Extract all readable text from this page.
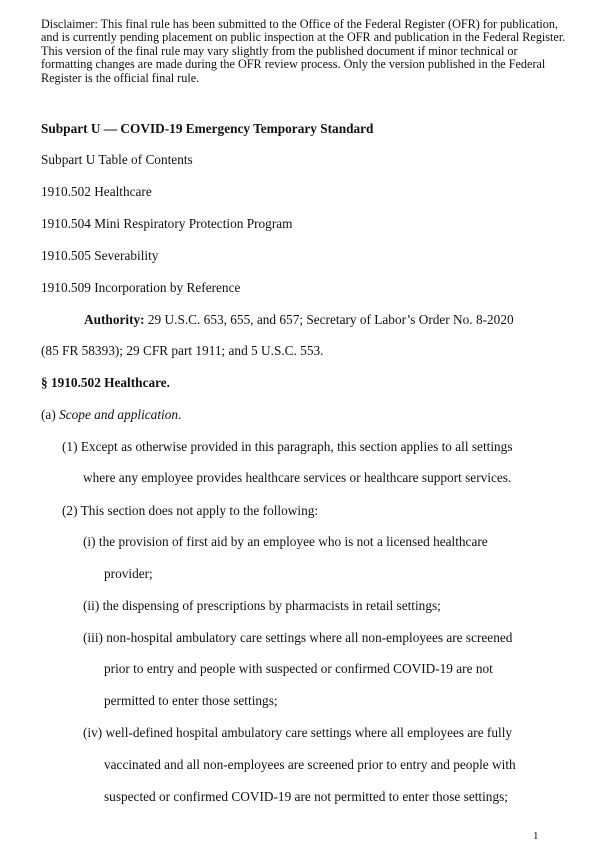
Disclaimer: This final rule has been submitted to the Office of the Federal Register (OFR) for publication, and is currently pending placement on public inspection at the OFR and publication in the Federal Register. This version of the final rule may vary slightly from the published document if minor technical or formatting changes are made during the OFR review process. Only the version published in the Federal Register is the official final rule.

Subpart U — COVID-19 Emergency Temporary Standard
Subpart U Table of Contents
1910.502 Healthcare
1910.504 Mini Respiratory Protection Program
1910.505 Severability
1910.509 Incorporation by Reference
Authority: 29 U.S.C. 653, 655, and 657; Secretary of Labor’s Order No. 8-2020
(85 FR 58393); 29 CFR part 1911; and 5 U.S.C. 553.
§ 1910.502 Healthcare.
(a) Scope and application.
(1) Except as otherwise provided in this paragraph, this section applies to all settings
where any employee provides healthcare services or healthcare support services.
(2) This section does not apply to the following:
(i) the provision of first aid by an employee who is not a licensed healthcare
provider;
(ii) the dispensing of prescriptions by pharmacists in retail settings;
(iii) non-hospital ambulatory care settings where all non-employees are screened
prior to entry and people with suspected or confirmed COVID-19 are not
permitted to enter those settings;
(iv) well-defined hospital ambulatory care settings where all employees are fully
vaccinated and all non-employees are screened prior to entry and people with
suspected or confirmed COVID-19 are not permitted to enter those settings;
1
